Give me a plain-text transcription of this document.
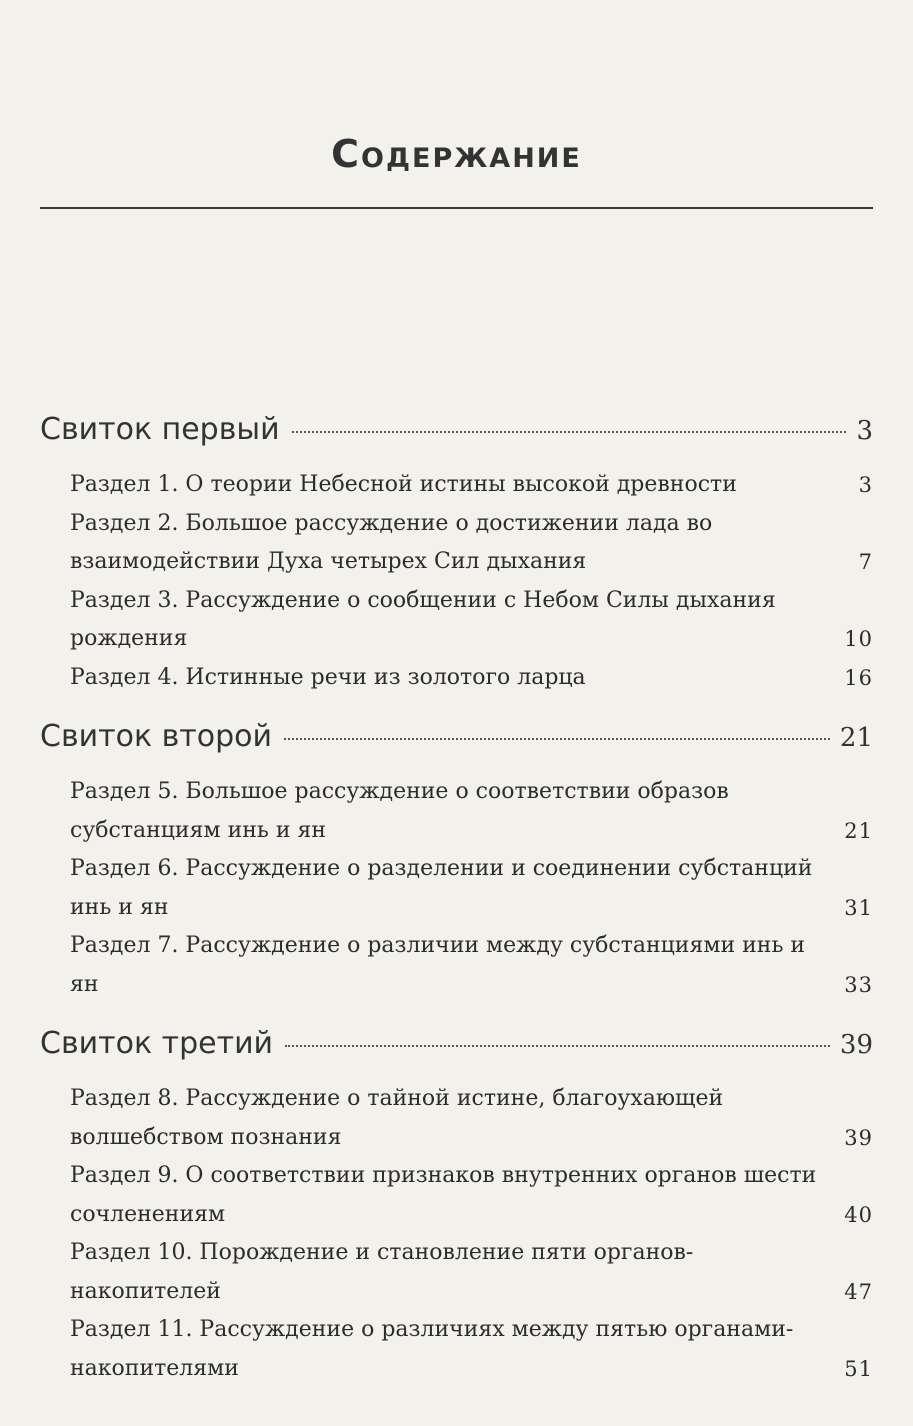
Содержание
Свиток первый	3
Раздел 1. О теории Небесной истины высокой древности	3
Раздел 2. Большое рассуждение о достижении лада во взаимодействии Духа четырех Сил дыхания	7
Раздел 3. Рассуждение о сообщении с Небом Силы дыхания рождения	10
Раздел 4. Истинные речи из золотого ларца	16
Свиток второй	21
Раздел 5. Большое рассуждение о соответствии образов субстанциям инь и ян	21
Раздел 6. Рассуждение о разделении и соединении субстанций инь и ян	31
Раздел 7. Рассуждение о различии между субстанциями инь и ян	33
Свиток третий	39
Раздел 8. Рассуждение о тайной истине, благоухающей волшебством познания	39
Раздел 9. О соответствии признаков внутренних органов шести сочленениям	40
Раздел 10. Порождение и становление пяти органов-накопителей	47
Раздел 11. Рассуждение о различиях между пятью органами-накопителями	51
